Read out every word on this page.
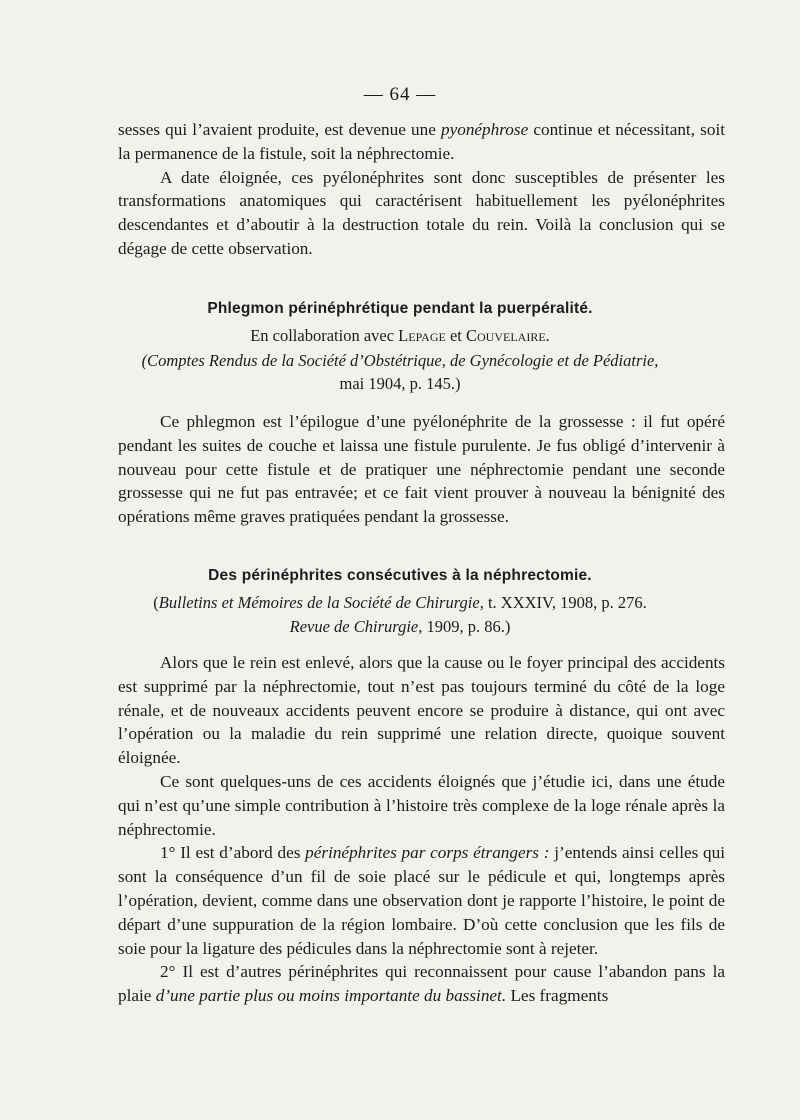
— 64 —

sesses qui l’avaient produite, est devenue une pyonéphrose continue et nécessitant, soit la permanence de la fistule, soit la néphrectomie.

A date éloignée, ces pyélonéphrites sont donc susceptibles de présenter les transformations anatomiques qui caractérisent habituellement les pyélonéphrites descendantes et d’aboutir à la destruction totale du rein. Voilà la conclusion qui se dégage de cette observation.

Phlegmon périnéphrétique pendant la puerpéralité.
En collaboration avec Lepage et Couvelaire.
(Comptes Rendus de la Société d’Obstétrique, de Gynécologie et de Pédiatrie,
mai 1904, p. 145.)

Ce phlegmon est l’épilogue d’une pyélonéphrite de la grossesse : il fut opéré pendant les suites de couche et laissa une fistule purulente. Je fus obligé d’intervenir à nouveau pour cette fistule et de pratiquer une néphrectomie pendant une seconde grossesse qui ne fut pas entravée; et ce fait vient prouver à nouveau la bénignité des opérations même graves pratiquées pendant la grossesse.

Des périnéphrites consécutives à la néphrectomie.
(Bulletins et Mémoires de la Société de Chirurgie, t. XXXIV, 1908, p. 276.
Revue de Chirurgie, 1909, p. 86.)

Alors que le rein est enlevé, alors que la cause ou le foyer principal des accidents est supprimé par la néphrectomie, tout n’est pas toujours terminé du côté de la loge rénale, et de nouveaux accidents peuvent encore se produire à distance, qui ont avec l’opération ou la maladie du rein supprimé une relation directe, quoique souvent éloignée.

Ce sont quelques-uns de ces accidents éloignés que j’étudie ici, dans une étude qui n’est qu’une simple contribution à l’histoire très complexe de la loge rénale après la néphrectomie.

1° Il est d’abord des périnéphrites par corps étrangers : j’entends ainsi celles qui sont la conséquence d’un fil de soie placé sur le pédicule et qui, longtemps après l’opération, devient, comme dans une observation dont je rapporte l’histoire, le point de départ d’une suppuration de la région lombaire. D’où cette conclusion que les fils de soie pour la ligature des pédicules dans la néphrectomie sont à rejeter.

2° Il est d’autres périnéphrites qui reconnaissent pour cause l’abandon pans la plaie d’une partie plus ou moins importante du bassinet. Les fragments
